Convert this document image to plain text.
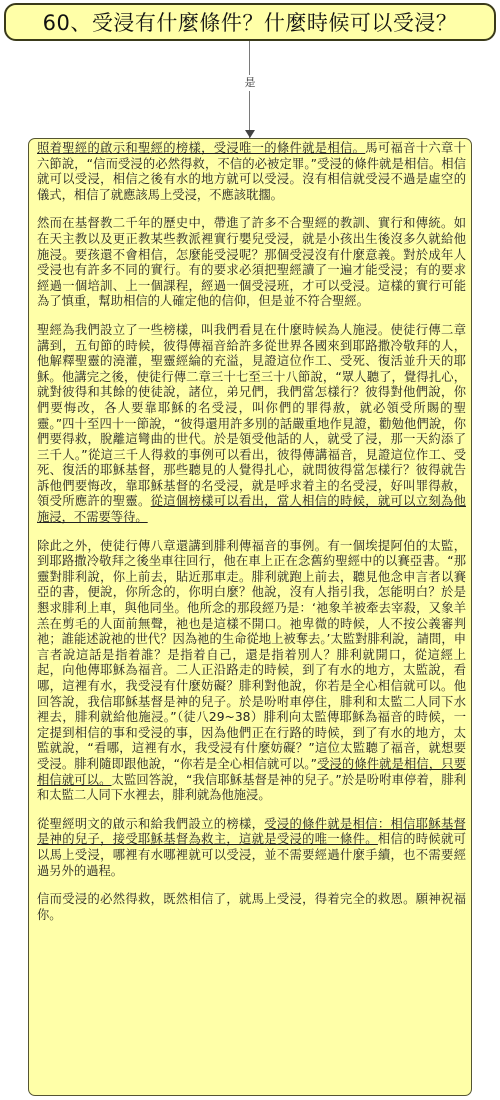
60、受浸有什麼條件？什麼時候可以受浸？
是

照着聖經的啟示和聖經的榜樣，受浸唯一的條件就是相信。馬可福音十六章十六節說，“信而受浸的必然得救，不信的必被定罪。”受浸的條件就是相信。相信就可以受浸，相信之後有水的地方就可以受浸。沒有相信就受浸不過是虛空的儀式，相信了就應該馬上受浸，不應該耽擱。

然而在基督教二千年的歷史中，帶進了許多不合聖經的教訓、實行和傳統。如在天主教以及更正教某些教派裡實行嬰兒受浸，就是小孩出生後沒多久就給他施浸。要孩還不會相信，怎麼能受浸呢？那個受浸沒有什麼意義。對於成年人受浸也有許多不同的實行。有的要求必須把聖經讀了一遍才能受浸；有的要求經過一個培訓、上一個課程，經過一個受浸班，才可以受浸。這樣的實行可能為了慎重，幫助相信的人確定他的信仰，但是並不符合聖經。

聖經為我們設立了一些榜樣，叫我們看見在什麼時候為人施浸。使徒行傳二章講到，五旬節的時候，彼得傳福音給許多從世界各國來到耶路撒冷敬拜的人，他解釋聖靈的澆灌，聖靈經綸的充溢，見證這位作工、受死、復活並升天的耶穌。他講完之後，使徒行傳二章三十七至三十八節說，“眾人聽了，覺得扎心，就對彼得和其餘的使徒說，諸位，弟兄們，我們當怎樣行？彼得對他們說，你們要悔改，各人要靠耶穌的名受浸，叫你們的罪得赦，就必領受所賜的聖靈。”四十至四十一節說，“彼得還用許多別的話嚴重地作見證，勸勉他們說，你們要得救，脫離這彎曲的世代。於是領受他話的人，就受了浸，那一天約添了三千人。”從這三千人得救的事例可以看出，彼得傳講福音，見證這位作工、受死、復活的耶穌基督，那些聽見的人覺得扎心，就問彼得當怎樣行？彼得就告訴他們要悔改，靠耶穌基督的名受浸，就是呼求着主的名受浸，好叫罪得赦，領受所應許的聖靈。從這個榜樣可以看出，當人相信的時候，就可以立刻為他施浸，不需要等待。

除此之外，使徒行傳八章還講到腓利傳福音的事例。有一個埃提阿伯的太監，到耶路撒冷敬拜之後坐車往回行，他在車上正在念舊約聖經中的以賽亞書。“那靈對腓利說，你上前去，貼近那車走。腓利就跑上前去，聽見他念申言者以賽亞的書，便說，你所念的，你明白麼？他說，沒有人指引我，怎能明白？於是懇求腓利上車，與他同坐。他所念的那段經乃是：‘祂象羊被牽去宰殺，又象羊羔在剪毛的人面前無聲，祂也是這樣不開口。祂卑微的時候，人不按公義審判祂；誰能述說祂的世代？因為祂的生命從地上被奪去。’太監對腓利說，請問，申言者說這話是指着誰？是指着自己，還是指着別人？腓利就開口，從這經上起，向他傳耶穌為福音。二人正沿路走的時候，到了有水的地方，太監說，看哪，這裡有水，我受浸有什麼妨礙？腓利對他說，你若是全心相信就可以。他回答說，我信耶穌基督是神的兒子。於是吩咐車停住，腓利和太監二人同下水裡去，腓利就給他施浸。”（徒八29~38）腓利向太監傳耶穌為福音的時候，一定提到相信的事和受浸的事，因為他們正在行路的時候，到了有水的地方，太監就說，“看哪，這裡有水，我受浸有什麼妨礙？”這位太監聽了福音，就想要受浸。腓利隨即跟他說，“你若是全心相信就可以。”受浸的條件就是相信，只要相信就可以。太監回答說，“我信耶穌基督是神的兒子。”於是吩咐車停着，腓利和太監二人同下水裡去，腓利就為他施浸。

從聖經明文的啟示和給我們設立的榜樣，受浸的條件就是相信：相信耶穌基督是神的兒子，接受耶穌基督為救主，這就是受浸的唯一條件。相信的時候就可以馬上受浸，哪裡有水哪裡就可以受浸，並不需要經過什麼手續，也不需要經過另外的過程。

信而受浸的必然得救，既然相信了，就馬上受浸，得着完全的救恩。願神祝福你。
